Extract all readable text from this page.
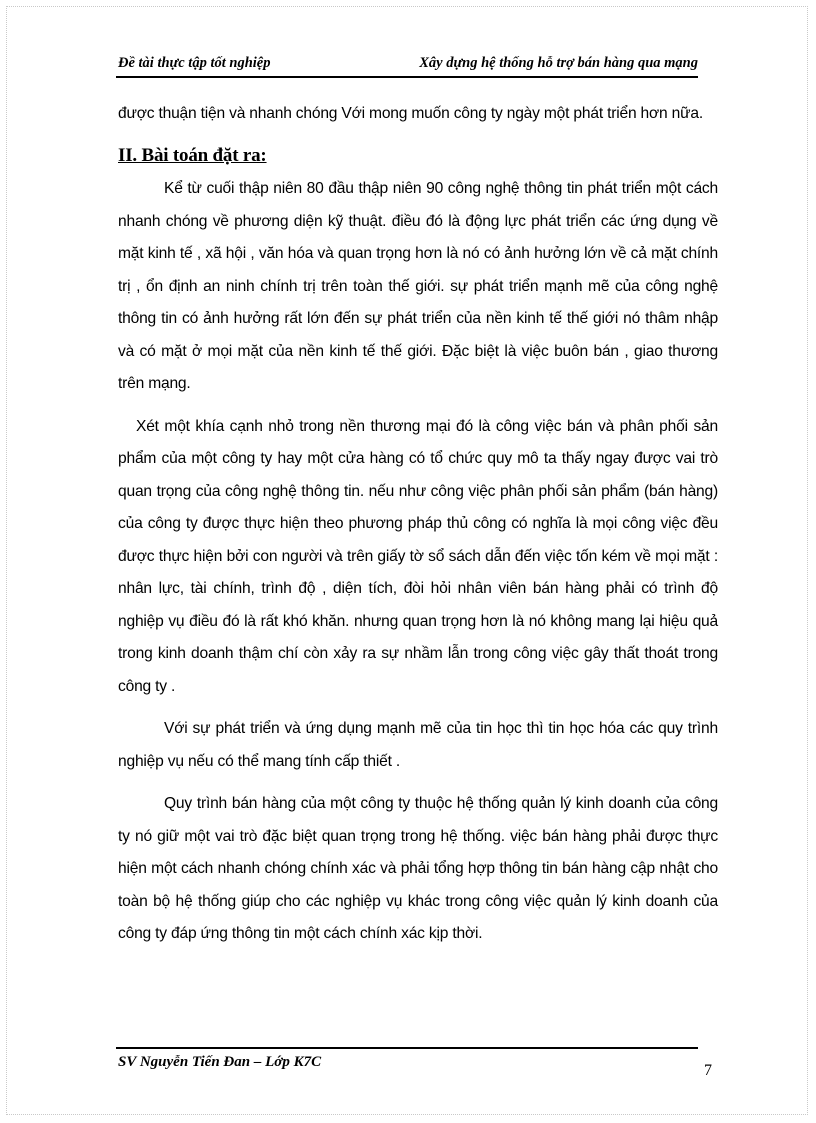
Đề tài thực tập tốt nghiệp	Xây dựng hệ thống hỗ trợ bán hàng qua mạng

được thuận tiện và nhanh chóng Với mong muốn công ty ngày một phát triển hơn nữa.

II. Bài toán đặt ra:

Kể từ cuối thập niên 80 đầu thập niên 90 công nghệ thông tin phát triển một cách nhanh chóng về phương diện kỹ thuật. điều đó là động lực phát triển các ứng dụng về mặt kinh tế , xã hội , văn hóa và quan trọng hơn là nó có ảnh hưởng lớn về cả mặt chính trị , ổn định an ninh chính trị trên toàn thế giới. sự phát triển mạnh mẽ của công nghệ thông tin có ảnh hưởng rất lớn đến sự phát triển của nền kinh tế thế giới nó thâm nhập và có mặt ở mọi mặt của nền kinh tế thế giới. Đặc biệt là việc buôn bán , giao thương trên mạng.

Xét một khía cạnh nhỏ trong nền thương mại đó là công việc bán và phân phối sản phẩm của một công ty hay một cửa hàng có tổ chức quy mô ta thấy ngay được vai trò quan trọng của công nghệ thông tin. nếu như công việc phân phối sản phẩm (bán hàng) của công ty được thực hiện theo phương pháp thủ công có nghĩa là mọi công việc đều được thực hiện bởi con người và trên giấy tờ sổ sách dẫn đến việc tốn kém về mọi mặt : nhân lực, tài chính, trình độ , diện tích, đòi hỏi nhân viên bán hàng phải có trình độ nghiệp vụ điều đó là rất khó khăn. nhưng quan trọng hơn là nó không mang lại hiệu quả trong kinh doanh thậm chí còn xảy ra sự nhầm lẫn trong công việc gây thất thoát trong công ty .

Với sự phát triển và ứng dụng mạnh mẽ của tin học thì tin học hóa các quy trình nghiệp vụ nếu có thể mang tính cấp thiết .

Quy trình bán hàng của một công ty thuộc hệ thống quản lý kinh doanh của công ty nó giữ một vai trò đặc biệt quan trọng trong hệ thống. việc bán hàng phải được thực hiện một cách nhanh chóng chính xác và phải tổng hợp thông tin bán hàng cập nhật cho toàn bộ hệ thống giúp cho các nghiệp vụ khác trong công việc quản lý kinh doanh của công ty đáp ứng thông tin một cách chính xác kịp thời.

SV Nguyễn Tiến Đan – Lớp K7C	7
